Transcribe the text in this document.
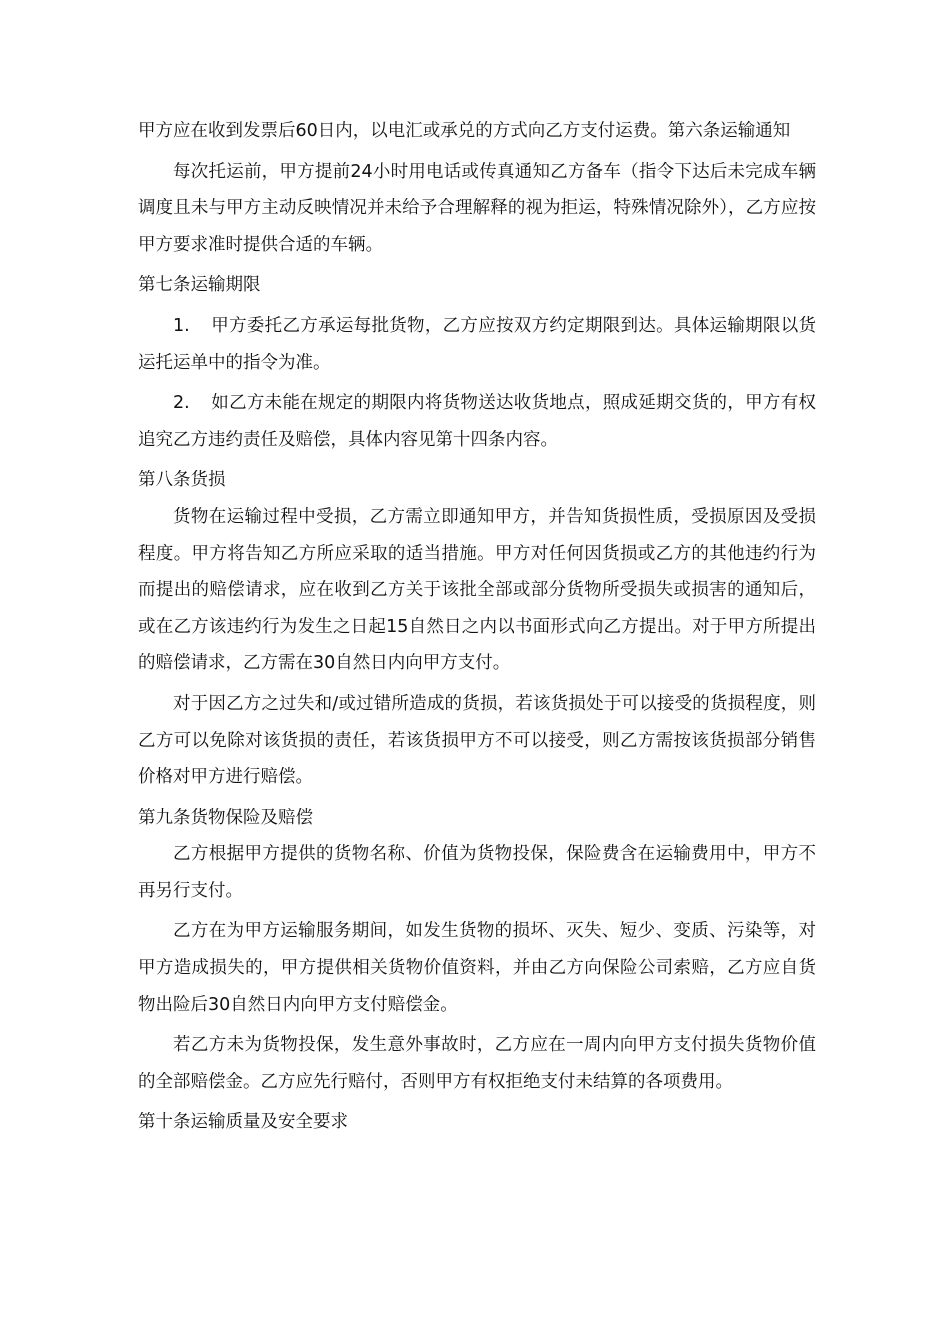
甲方应在收到发票后60日内，以电汇或承兑的方式向乙方支付运费。第六条运输通知

每次托运前，甲方提前24小时用电话或传真通知乙方备车（指令下达后未完成车辆调度且未与甲方主动反映情况并未给予合理解释的视为拒运，特殊情况除外），乙方应按甲方要求准时提供合适的车辆。

第七条运输期限

1. 甲方委托乙方承运每批货物，乙方应按双方约定期限到达。具体运输期限以货运托运单中的指令为准。

2. 如乙方未能在规定的期限内将货物送达收货地点，照成延期交货的，甲方有权追究乙方违约责任及赔偿，具体内容见第十四条内容。

第八条货损

货物在运输过程中受损，乙方需立即通知甲方，并告知货损性质，受损原因及受损程度。甲方将告知乙方所应采取的适当措施。甲方对任何因货损或乙方的其他违约行为而提出的赔偿请求，应在收到乙方关于该批全部或部分货物所受损失或损害的通知后，或在乙方该违约行为发生之日起15自然日之内以书面形式向乙方提出。对于甲方所提出的赔偿请求，乙方需在30自然日内向甲方支付。

对于因乙方之过失和/或过错所造成的货损，若该货损处于可以接受的货损程度，则乙方可以免除对该货损的责任，若该货损甲方不可以接受，则乙方需按该货损部分销售价格对甲方进行赔偿。

第九条货物保险及赔偿

乙方根据甲方提供的货物名称、价值为货物投保，保险费含在运输费用中，甲方不再另行支付。

乙方在为甲方运输服务期间，如发生货物的损坏、灭失、短少、变质、污染等，对甲方造成损失的，甲方提供相关货物价值资料，并由乙方向保险公司索赔，乙方应自货物出险后30自然日内向甲方支付赔偿金。

若乙方未为货物投保，发生意外事故时，乙方应在一周内向甲方支付损失货物价值的全部赔偿金。乙方应先行赔付，否则甲方有权拒绝支付未结算的各项费用。

第十条运输质量及安全要求
